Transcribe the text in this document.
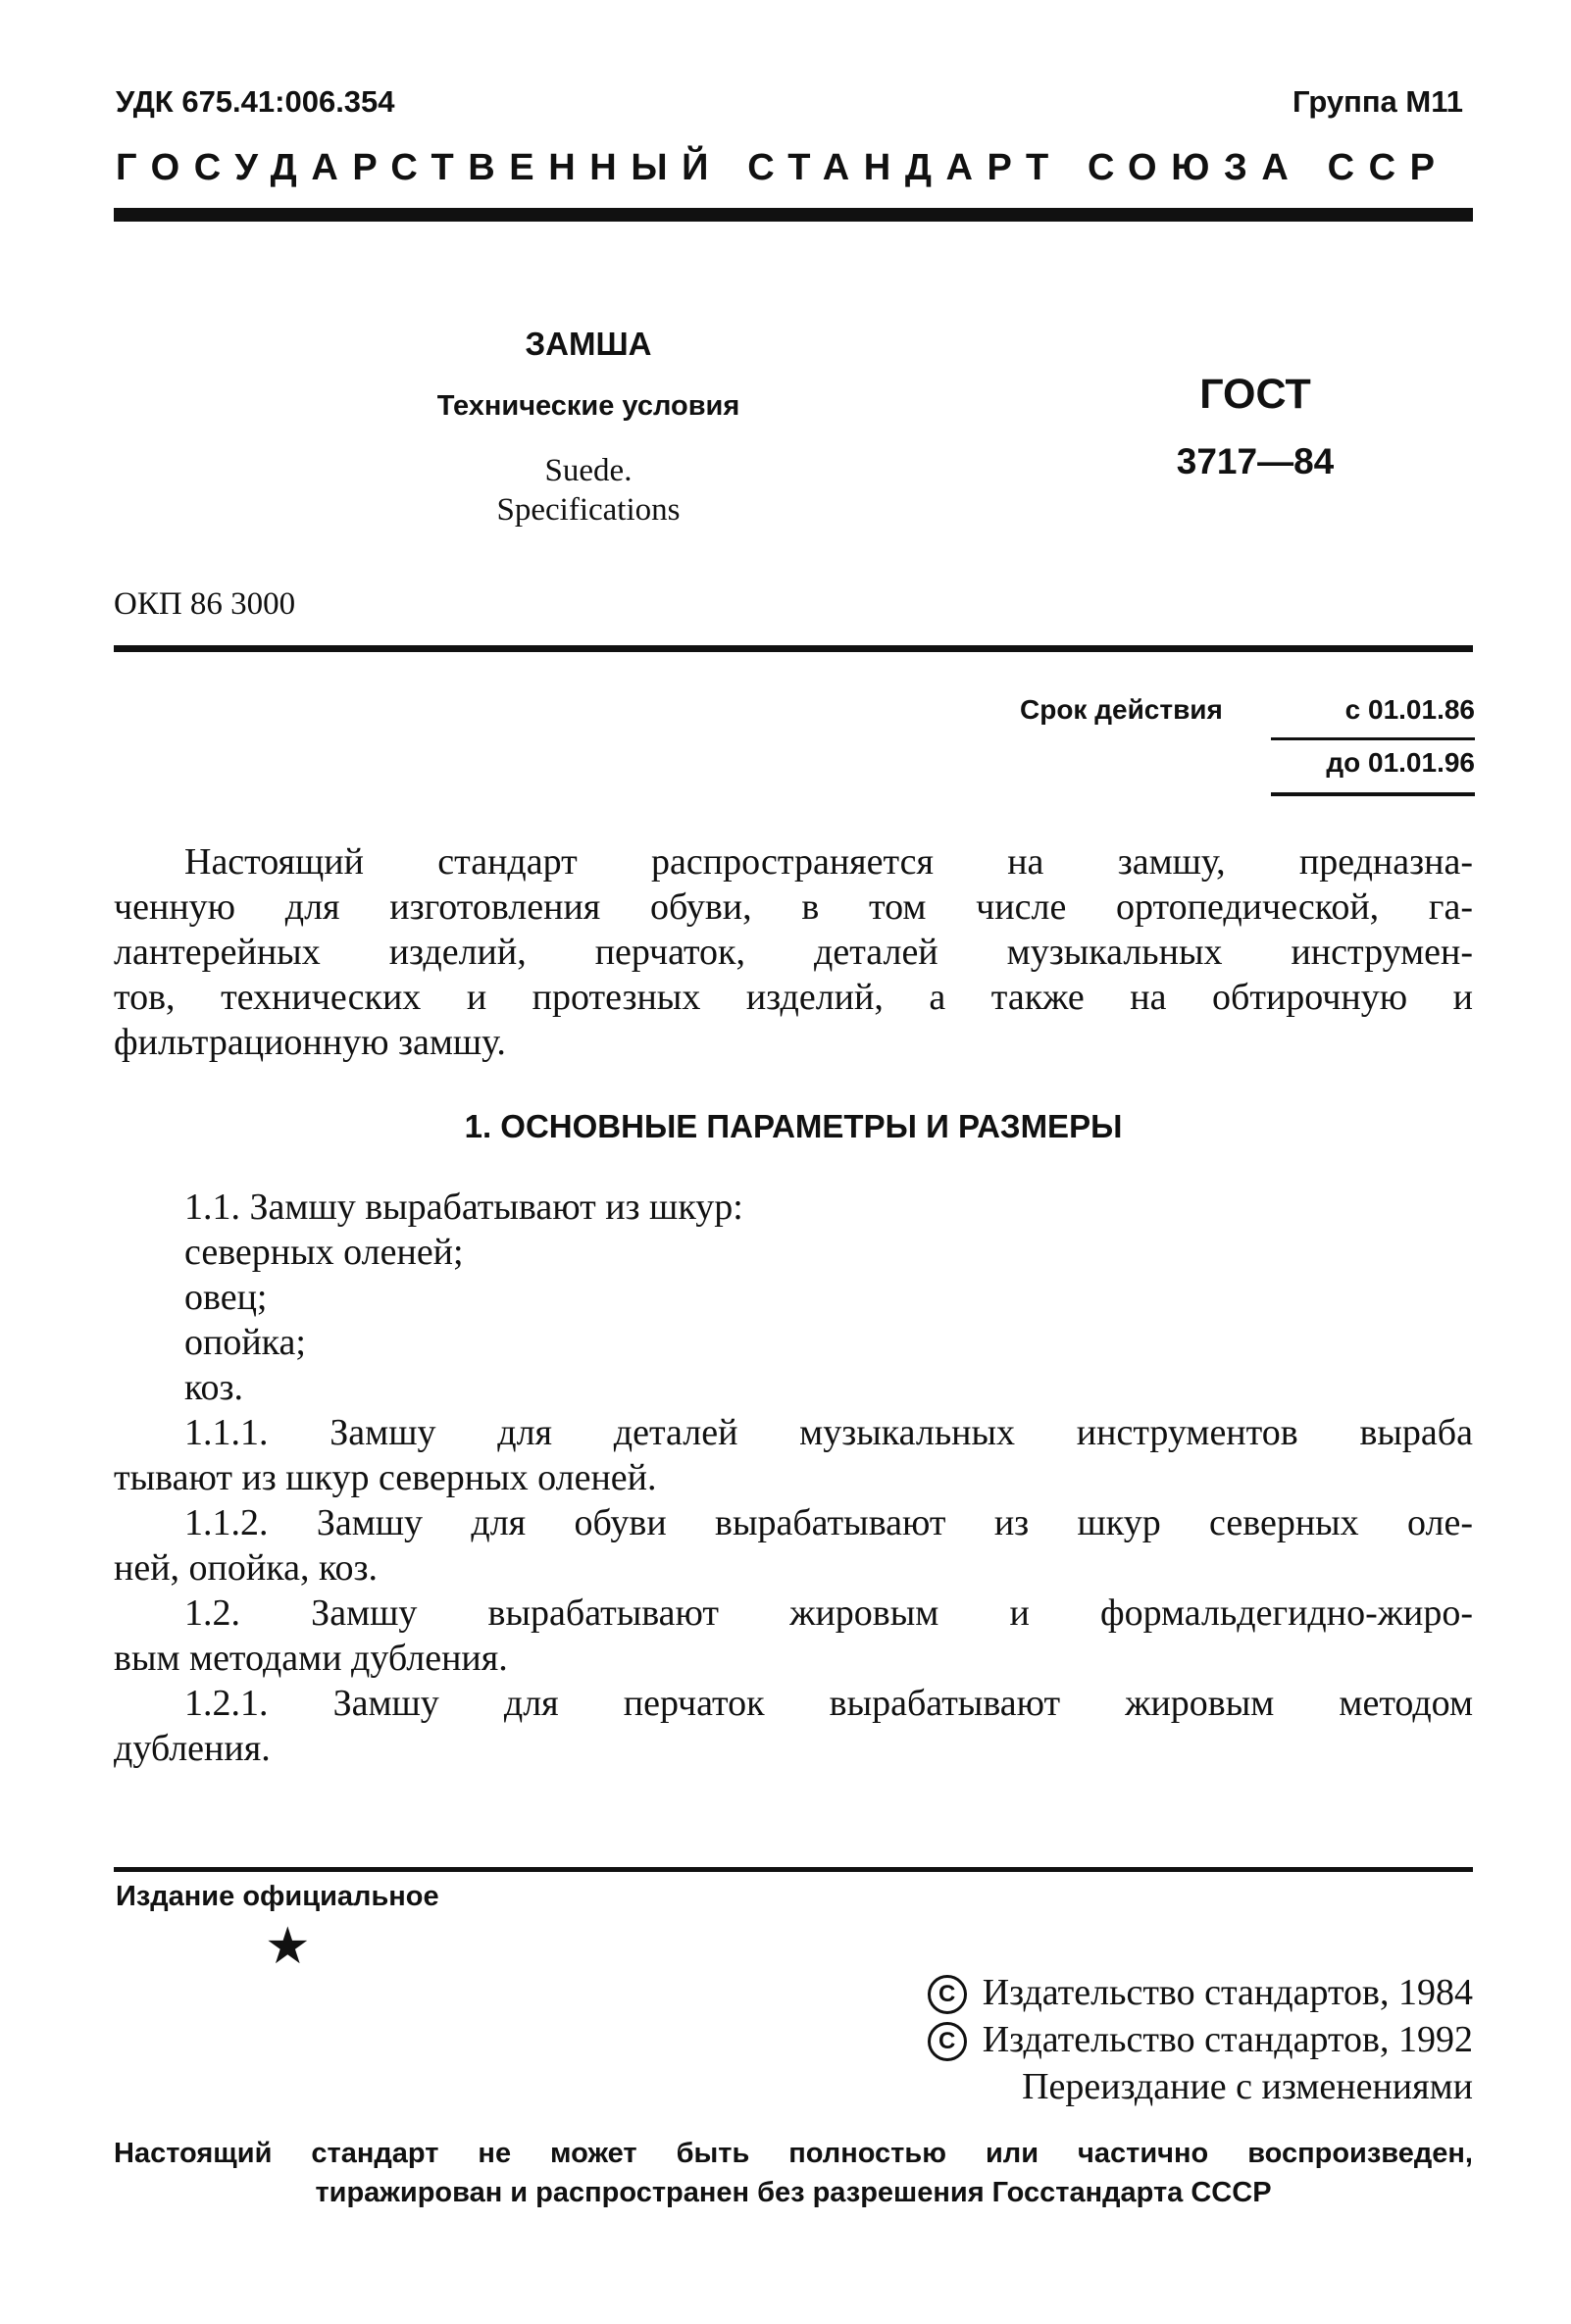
УДК 675.41:006.354	Группа М11
ГОСУДАРСТВЕННЫЙ СТАНДАРТ СОЮЗА ССР
ЗАМША
Технические условия
Suede.
Specifications
ГОСТ
3717—84
ОКП 86 3000
Срок действия	с 01.01.86
до 01.01.96
Настоящий стандарт распространяется на замшу, предназна-
ченную для изготовления обуви, в том числе ортопедической, га-
лантерейных изделий, перчаток, деталей музыкальных инструмен-
тов, технических и протезных изделий, а также на обтирочную и
фильтрационную замшу.
1. ОСНОВНЫЕ ПАРАМЕТРЫ И РАЗМЕРЫ
1.1. Замшу вырабатывают из шкур:
северных оленей;
овец;
опойка;
коз.
1.1.1. Замшу для деталей музыкальных инструментов выраба
тывают из шкур северных оленей.
1.1.2. Замшу для обуви вырабатывают из шкур северных оле-
ней, опойка, коз.
1.2. Замшу вырабатывают жировым и формальдегидно-жиро-
вым методами дубления.
1.2.1. Замшу для перчаток вырабатывают жировым методом
дубления.
Издание официальное
★
С Издательство стандартов, 1984
С Издательство стандартов, 1992
Переиздание с изменениями
Настоящий стандарт не может быть полностью или частично воспроизведен,
тиражирован и распространен без разрешения Госстандарта СССР
